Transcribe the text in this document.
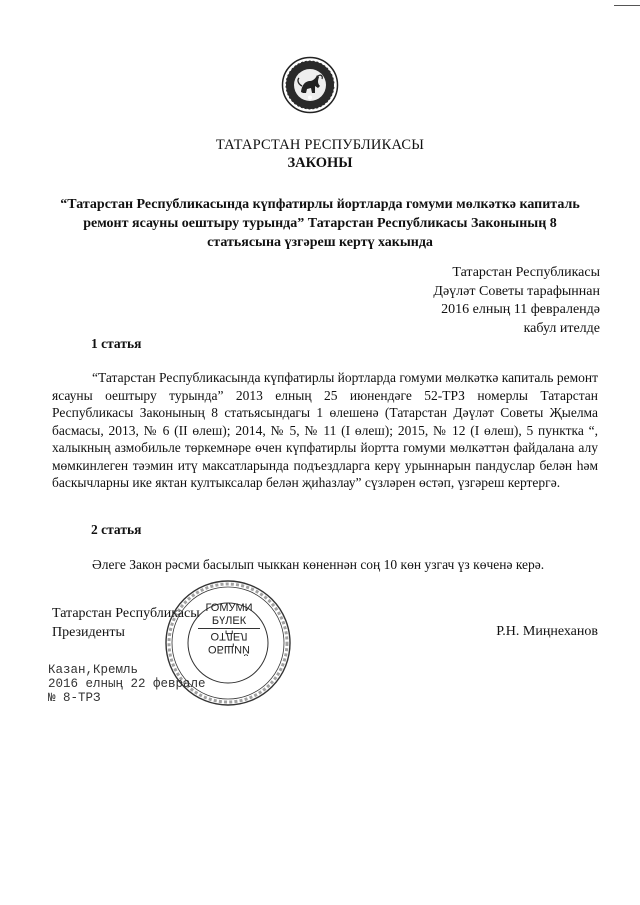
ТАТАРСТАН РЕСПУБЛИКАСЫ
ЗАКОНЫ
“Татарстан Республикасында күпфатирлы йортларда гомуми мөлкәткә капиталь ремонт ясауны оештыру турында” Татарстан Республикасы Законының 8 статьясына үзгәреш кертү хакында
Татарстан Республикасы
Дәүләт Советы тарафыннан
2016 елның 11 февралендә
кабул ителде
1 статья
“Татарстан Республикасында күпфатирлы йортларда гомуми мөлкәткә капиталь ремонт ясауны оештыру турында” 2013 елның 25 июнендәге 52-ТРЗ номерлы Татарстан Республикасы Законының 8 статьясындагы 1 өлешенә (Татарстан Дәүләт Советы Җыелма басмасы, 2013, № 6 (II өлеш); 2014, № 5, № 11 (I өлеш); 2015, № 12 (I өлеш), 5 пунктка “, халыкның азмобильле төркемнәре өчен күпфатирлы йортта гомуми мөлкәттән файдалана алу мөмкинлеген тәэмин итү максатларында подъездларга керү урыннарын пандуслар белән һәм баскычларны ике яктан култыксалар белән җиһазлау” сүзләрен өстәп, үзгәреш кертергә.
2 статья
Әлеге Закон рәсми басылып чыккан көненнән соң 10 көн узгач үз көченә керә.
Татарстан Республикасы
Президенты	Р.Н. Миңнеханов
ГОМУМИ
БҮЛЕК
ОТДЕЛ
ОБЩИЙ
Казан,Кремль
2016 елның 22 феврале
№ 8-ТРЗ
